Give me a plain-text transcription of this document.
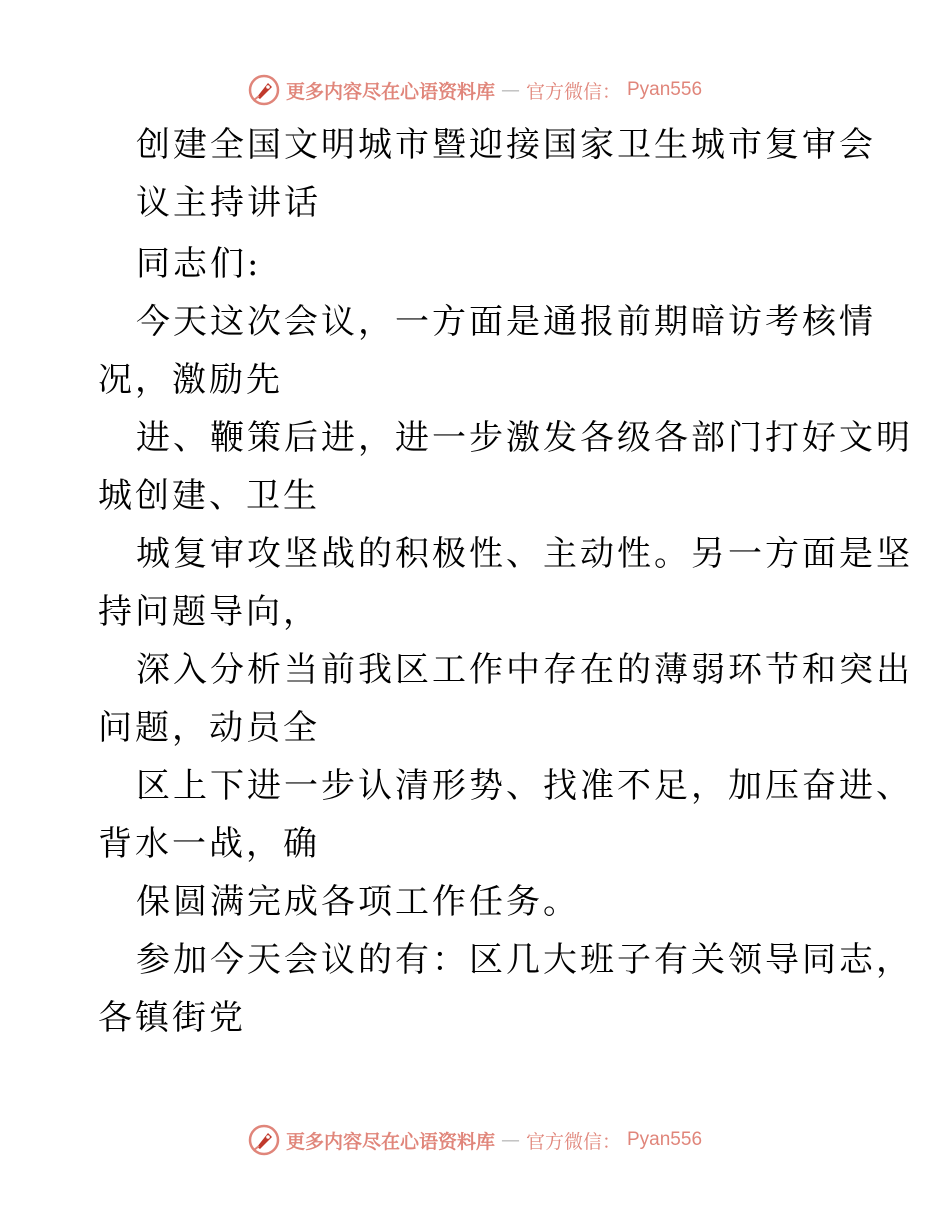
更多内容尽在心语资料库 — 官方微信： Pyan556
创建全国文明城市暨迎接国家卫生城市复审会
议主持讲话
同志们:
今天这次会议，一方面是通报前期暗访考核情
况，激励先
进、鞭策后进，进一步激发各级各部门打好文明
城创建、卫生
城复审攻坚战的积极性、主动性。另一方面是坚
持问题导向，
深入分析当前我区工作中存在的薄弱环节和突出
问题，动员全
区上下进一步认清形势、找准不足，加压奋进、
背水一战，确
保圆满完成各项工作任务。
参加今天会议的有：区几大班子有关领导同志，
各镇街党
更多内容尽在心语资料库 — 官方微信： Pyan556
